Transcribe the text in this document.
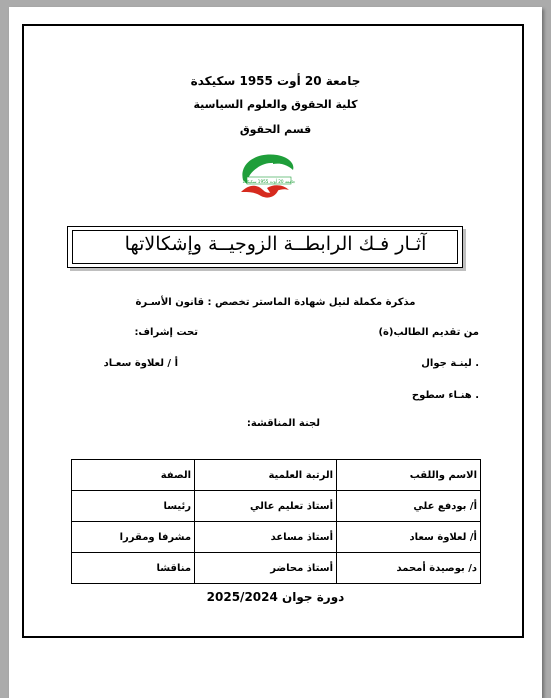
جامعة 20 أوت 1955 سكيكدة
كلية الحقوق والعلوم السياسية
قسم الحقوق
جامعة 20 أوت 1955 سكيكدة
آثـار فـك الرابطــة الزوجيــة وإشكالاتها
مذكرة مكملة لنيل شهادة الماستر تخصص : قانون الأسـرة
من تقديم الطالب(ة)
تحت إشراف:
. لينـة جوال
أ / لعلاوة سعـاد
. هنـاء سطوح
لجنة المناقشة:
الاسم واللقب	الرتبة العلمية	الصفة
أ/ بودفع علي	أستاذ تعليم عالي	رئيسا
أ/ لعلاوة سعاد	أستاذ مساعد	مشرفا ومقررا
د/ بوصيدة أمحمد	أستاذ محاضر	مناقشا
دورة جوان 2025/2024
